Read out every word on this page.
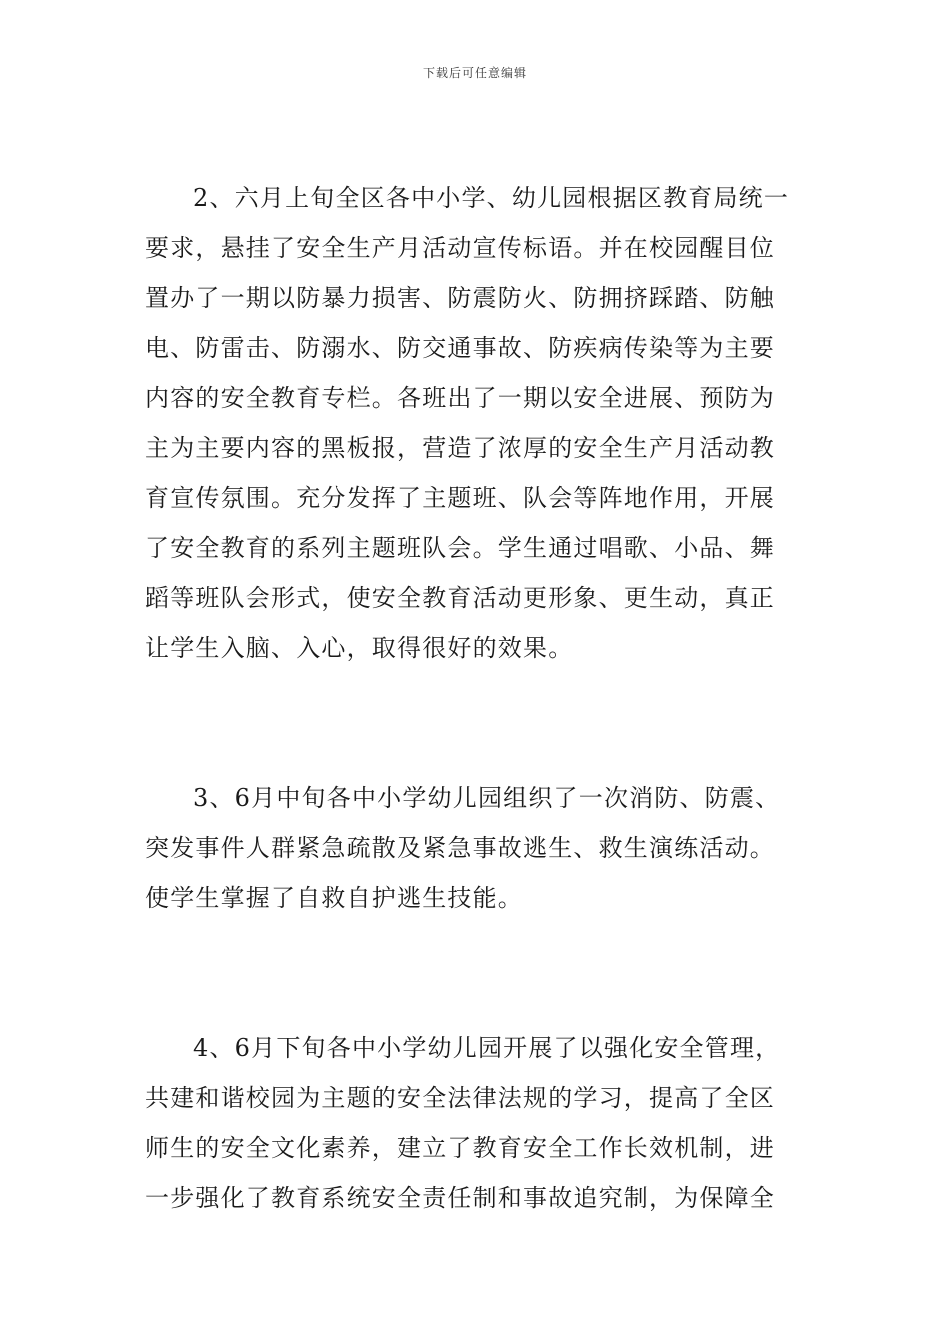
下载后可任意编辑
2、六月上旬全区各中小学、幼儿园根据区教育局统一
要求，悬挂了安全生产月活动宣传标语。并在校园醒目位
置办了一期以防暴力损害、防震防火、防拥挤踩踏、防触
电、防雷击、防溺水、防交通事故、防疾病传染等为主要
内容的安全教育专栏。各班出了一期以安全进展、预防为
主为主要内容的黑板报，营造了浓厚的安全生产月活动教
育宣传氛围。充分发挥了主题班、队会等阵地作用，开展
了安全教育的系列主题班队会。学生通过唱歌、小品、舞
蹈等班队会形式，使安全教育活动更形象、更生动，真正
让学生入脑、入心，取得很好的效果。
3、6月中旬各中小学幼儿园组织了一次消防、防震、
突发事件人群紧急疏散及紧急事故逃生、救生演练活动。
使学生掌握了自救自护逃生技能。
4、6月下旬各中小学幼儿园开展了以强化安全管理，
共建和谐校园为主题的安全法律法规的学习，提高了全区
师生的安全文化素养，建立了教育安全工作长效机制，进
一步强化了教育系统安全责任制和事故追究制，为保障全
